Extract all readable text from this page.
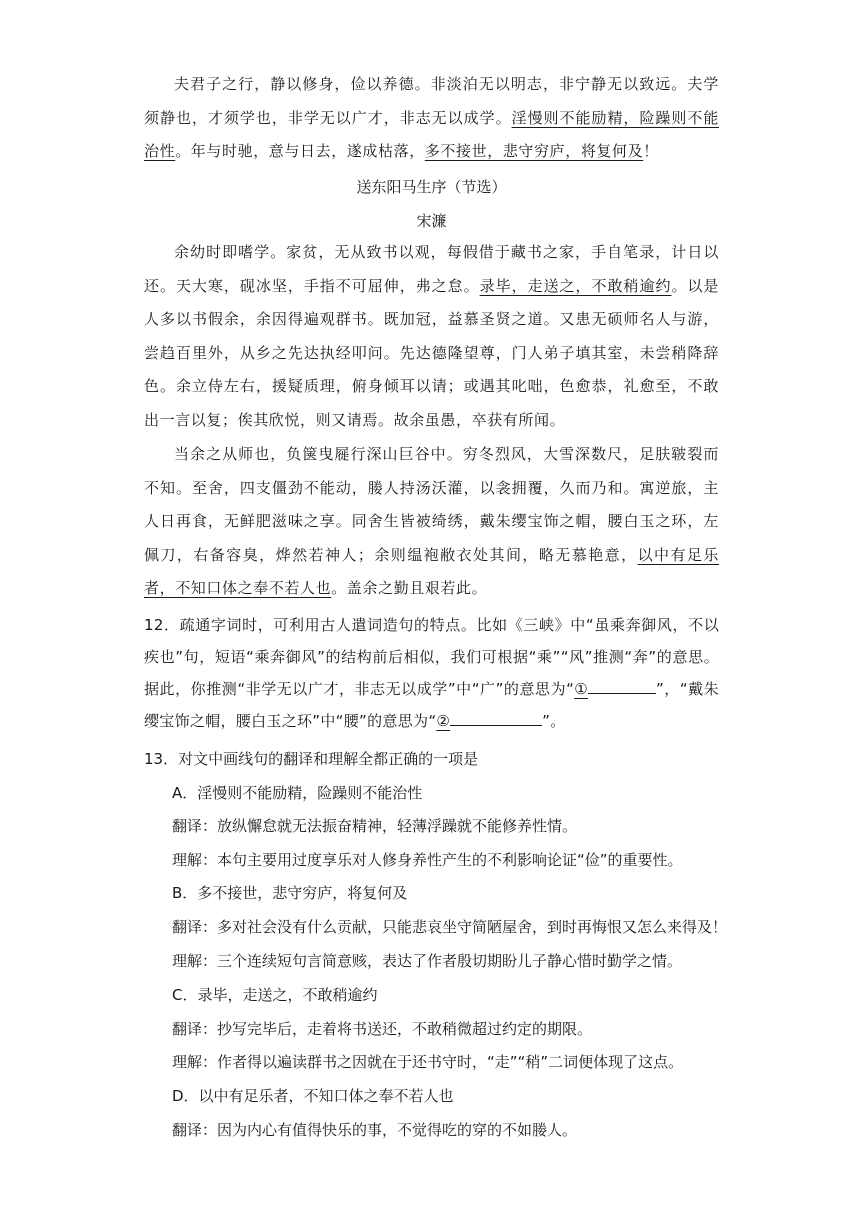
夫君子之行，静以修身，俭以养德。非淡泊无以明志，非宁静无以致远。夫学须静也，才须学也，非学无以广才，非志无以成学。淫慢则不能励精，险躁则不能治性。年与时驰，意与日去，遂成枯落，多不接世，悲守穷庐，将复何及！
送东阳马生序（节选）
宋濂
余幼时即嗜学。家贫，无从致书以观，每假借于藏书之家，手自笔录，计日以还。天大寒，砚冰坚，手指不可屈伸，弗之怠。录毕，走送之，不敢稍逾约。以是人多以书假余，余因得遍观群书。既加冠，益慕圣贤之道。又患无硕师名人与游，尝趋百里外，从乡之先达执经叩问。先达德隆望尊，门人弟子填其室，未尝稍降辞色。余立侍左右，援疑质理，俯身倾耳以请；或遇其叱咄，色愈恭，礼愈至，不敢出一言以复；俟其欣悦，则又请焉。故余虽愚，卒获有所闻。
当余之从师也，负箧曳屣行深山巨谷中。穷冬烈风，大雪深数尺，足肤皲裂而不知。至舍，四支僵劲不能动，媵人持汤沃灌，以衾拥覆，久而乃和。寓逆旅，主人日再食，无鲜肥滋味之享。同舍生皆被绮绣，戴朱缨宝饰之帽，腰白玉之环，左佩刀，右备容臭，烨然若神人；余则缊袍敝衣处其间，略无慕艳意，以中有足乐者，不知口体之奉不若人也。盖余之勤且艰若此。
12．疏通字词时，可利用古人遣词造句的特点。比如《三峡》中“虽乘奔御风，不以疾也”句，短语“乘奔御风”的结构前后相似，我们可根据“乘”“风”推测“奔”的意思。据此，你推测“非学无以广才，非志无以成学”中“广”的意思为“①	”，“戴朱缨宝饰之帽，腰白玉之环”中“腰”的意思为“②	”。
13．对文中画线句的翻译和理解全都正确的一项是
A．淫慢则不能励精，险躁则不能治性
翻译：放纵懈怠就无法振奋精神，轻薄浮躁就不能修养性情。
理解：本句主要用过度享乐对人修身养性产生的不利影响论证“俭”的重要性。
B．多不接世，悲守穷庐，将复何及
翻译：多对社会没有什么贡献，只能悲哀坐守简陋屋舍，到时再悔恨又怎么来得及！
理解：三个连续短句言简意赅，表达了作者殷切期盼儿子静心惜时勤学之情。
C．录毕，走送之，不敢稍逾约
翻译：抄写完毕后，走着将书送还，不敢稍微超过约定的期限。
理解：作者得以遍读群书之因就在于还书守时，“走”“稍”二词便体现了这点。
D．以中有足乐者，不知口体之奉不若人也
翻译：因为内心有值得快乐的事，不觉得吃的穿的不如媵人。
